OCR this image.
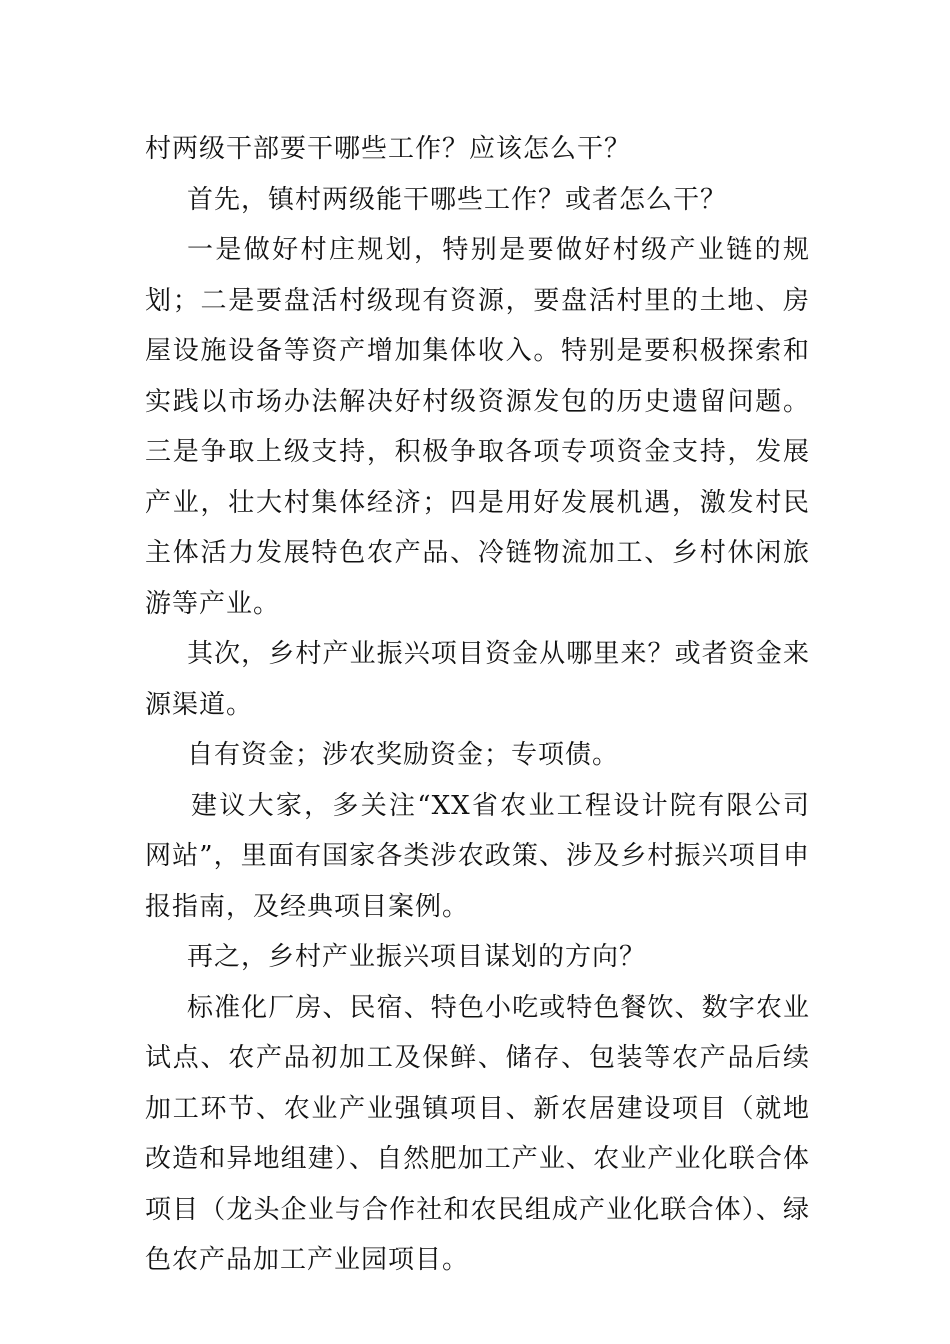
村两级干部要干哪些工作？应该怎么干？

首先，镇村两级能干哪些工作？或者怎么干？

一是做好村庄规划，特别是要做好村级产业链的规划；二是要盘活村级现有资源，要盘活村里的土地、房屋设施设备等资产增加集体收入。特别是要积极探索和实践以市场办法解决好村级资源发包的历史遗留问题。三是争取上级支持，积极争取各项专项资金支持，发展产业，壮大村集体经济；四是用好发展机遇，激发村民主体活力发展特色农产品、冷链物流加工、乡村休闲旅游等产业。

其次，乡村产业振兴项目资金从哪里来？或者资金来源渠道。

自有资金；涉农奖励资金；专项债。

建议大家，多关注“XX省农业工程设计院有限公司网站”，里面有国家各类涉农政策、涉及乡村振兴项目申报指南，及经典项目案例。

再之，乡村产业振兴项目谋划的方向？

标准化厂房、民宿、特色小吃或特色餐饮、数字农业试点、农产品初加工及保鲜、储存、包装等农产品后续加工环节、农业产业强镇项目、新农居建设项目（就地改造和异地组建）、自然肥加工产业、农业产业化联合体项目（龙头企业与合作社和农民组成产业化联合体）、绿色农产品加工产业园项目。
